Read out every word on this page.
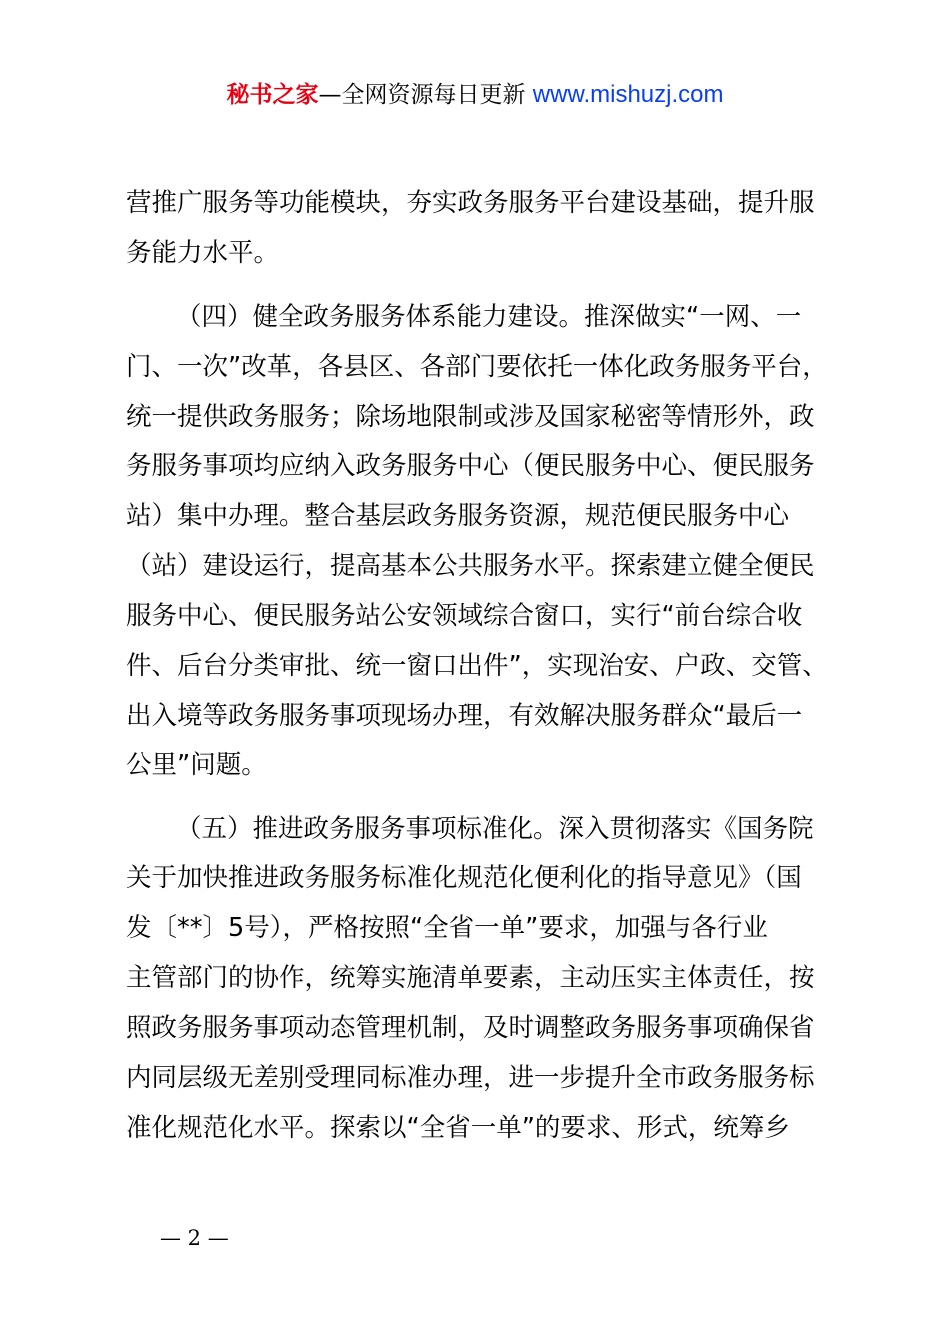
秘书之家—全网资源每日更新 www.mishuzj.com
营推广服务等功能模块，夯实政务服务平台建设基础，提升服
务能力水平。
（四）健全政务服务体系能力建设。推深做实“一网、一
门、一次”改革，各县区、各部门要依托一体化政务服务平台，
统一提供政务服务；除场地限制或涉及国家秘密等情形外，政
务服务事项均应纳入政务服务中心（便民服务中心、便民服务
站）集中办理。整合基层政务服务资源，规范便民服务中心
（站）建设运行，提高基本公共服务水平。探索建立健全便民
服务中心、便民服务站公安领域综合窗口，实行“前台综合收
件、后台分类审批、统一窗口出件”，实现治安、户政、交管、
出入境等政务服务事项现场办理，有效解决服务群众“最后一
公里”问题。
（五）推进政务服务事项标准化。深入贯彻落实《国务院
关于加快推进政务服务标准化规范化便利化的指导意见》（国
发〔**〕5号），严格按照“全省一单”要求，加强与各行业
主管部门的协作，统筹实施清单要素，主动压实主体责任，按
照政务服务事项动态管理机制，及时调整政务服务事项确保省
内同层级无差别受理同标准办理，进一步提升全市政务服务标
准化规范化水平。探索以“全省一单”的要求、形式，统筹乡
— 2 —
